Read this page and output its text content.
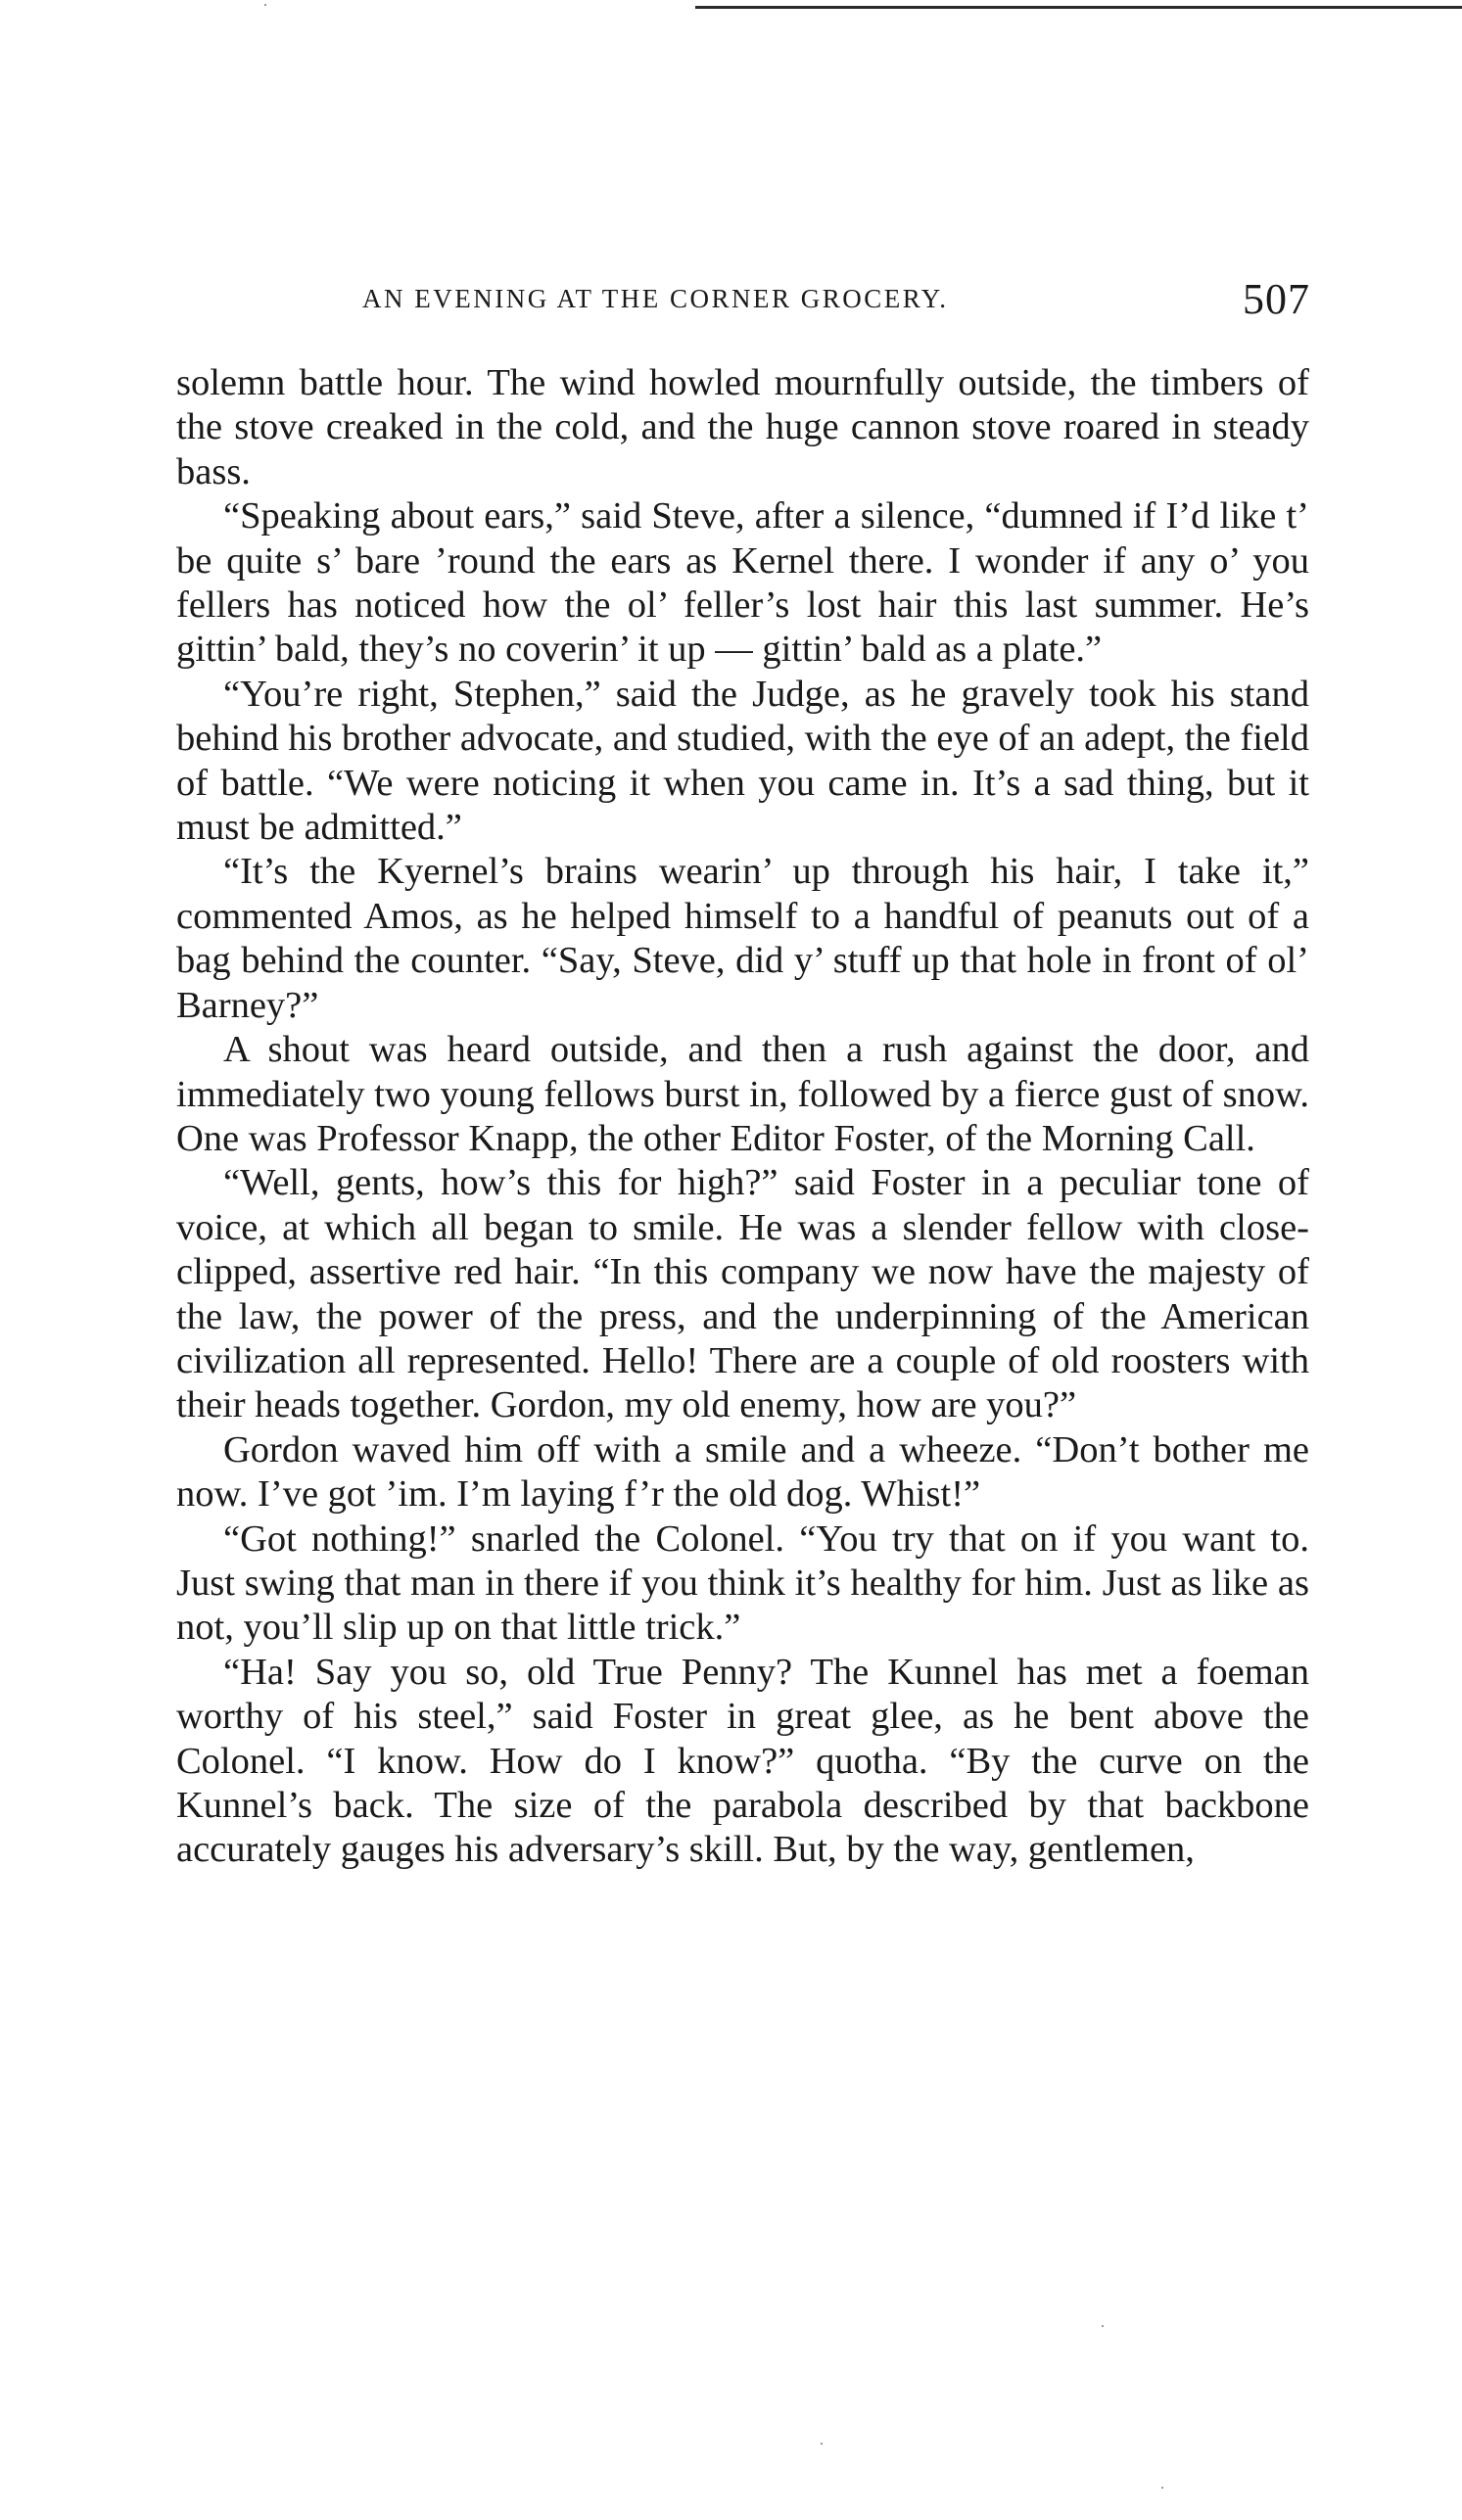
AN EVENING AT THE CORNER GROCERY.	507

solemn battle hour. The wind howled mournfully outside, the timbers of the stove creaked in the cold, and the huge cannon stove roared in steady bass.

“Speaking about ears,” said Steve, after a silence, “dumned if I’d like t’ be quite s’ bare ’round the ears as Kernel there. I wonder if any o’ you fellers has noticed how the ol’ feller’s lost hair this last summer. He’s gittin’ bald, they’s no coverin’ it up — gittin’ bald as a plate.”

“You’re right, Stephen,” said the Judge, as he gravely took his stand behind his brother advocate, and studied, with the eye of an adept, the field of battle. “We were noticing it when you came in. It’s a sad thing, but it must be admitted.”

“It’s the Kyernel’s brains wearin’ up through his hair, I take it,” commented Amos, as he helped himself to a handful of peanuts out of a bag behind the counter. “Say, Steve, did y’ stuff up that hole in front of ol’ Barney?”

A shout was heard outside, and then a rush against the door, and immediately two young fellows burst in, followed by a fierce gust of snow. One was Professor Knapp, the other Editor Foster, of the Morning Call.

“Well, gents, how’s this for high?” said Foster in a peculiar tone of voice, at which all began to smile. He was a slender fellow with close-clipped, assertive red hair. “In this company we now have the majesty of the law, the power of the press, and the underpinning of the American civilization all represented. Hello! There are a couple of old roosters with their heads together. Gordon, my old enemy, how are you?”

Gordon waved him off with a smile and a wheeze. “Don’t bother me now. I’ve got ’im. I’m laying f’r the old dog. Whist!”

“Got nothing!” snarled the Colonel. “You try that on if you want to. Just swing that man in there if you think it’s healthy for him. Just as like as not, you’ll slip up on that little trick.”

“Ha! Say you so, old True Penny? The Kunnel has met a foeman worthy of his steel,” said Foster in great glee, as he bent above the Colonel. “I know. How do I know?” quotha. “By the curve on the Kunnel’s back. The size of the parabola described by that backbone accurately gauges his adversary’s skill. But, by the way, gentlemen,
